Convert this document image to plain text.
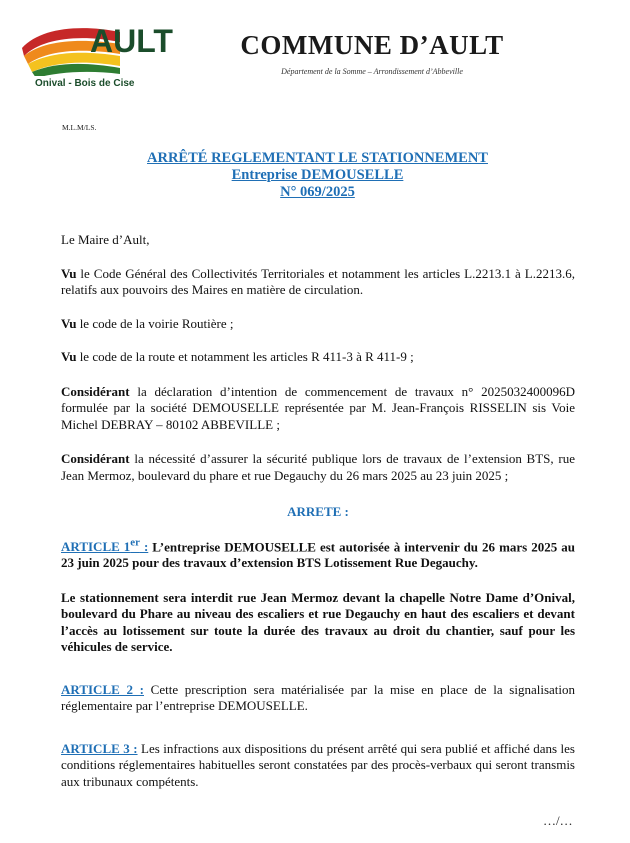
AULT
Onival - Bois de Cise
COMMUNE D’AULT
Département de la Somme – Arrondissement d’Abbeville
M.L.M/LS.
ARRÊTÉ REGLEMENTANT LE STATIONNEMENT
Entreprise DEMOUSELLE
N° 069/2025

Le Maire d’Ault,

Vu le Code Général des Collectivités Territoriales et notamment les articles L.2213.1 à L.2213.6, relatifs aux pouvoirs des Maires en matière de circulation.

Vu le code de la voirie Routière ;

Vu le code de la route et notamment les articles R 411-3 à R 411-9 ;

Considérant la déclaration d’intention de commencement de travaux n° 2025032400096D formulée par la société DEMOUSELLE représentée par M. Jean-François RISSELIN sis Voie Michel DEBRAY – 80102 ABBEVILLE ;

Considérant la nécessité d’assurer la sécurité publique lors de travaux de l’extension BTS, rue Jean Mermoz, boulevard du phare et rue Degauchy du 26 mars 2025 au 23 juin 2025 ;

ARRETE :

ARTICLE 1er : L’entreprise DEMOUSELLE est autorisée à intervenir du 26 mars 2025 au 23 juin 2025 pour des travaux d’extension BTS Lotissement Rue Degauchy.

Le stationnement sera interdit rue Jean Mermoz devant la chapelle Notre Dame d’Onival, boulevard du Phare au niveau des escaliers et rue Degauchy en haut des escaliers et devant l’accès au lotissement sur toute la durée des travaux au droit du chantier, sauf pour les véhicules de service.

ARTICLE 2 : Cette prescription sera matérialisée par la mise en place de la signalisation réglementaire par l’entreprise DEMOUSELLE.

ARTICLE 3 : Les infractions aux dispositions du présent arrêté qui sera publié et affiché dans les conditions réglementaires habituelles seront constatées par des procès-verbaux qui seront transmis aux tribunaux compétents.

…/…
